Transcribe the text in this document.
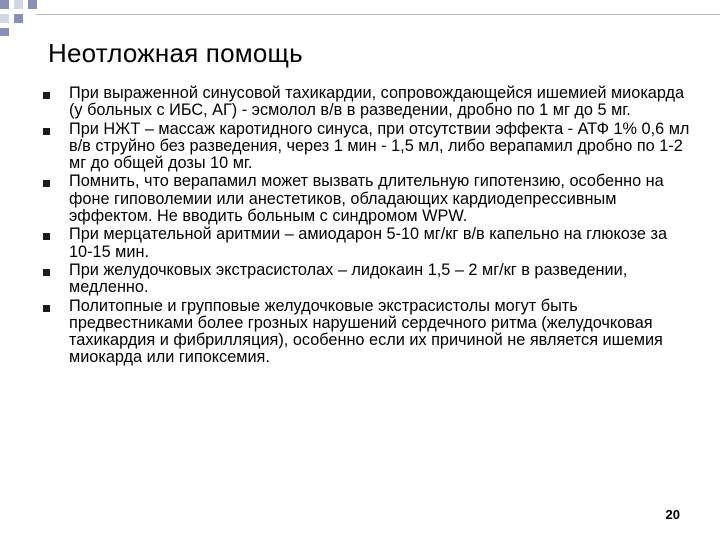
Неотложная помощь
При выраженной синусовой тахикардии, сопровождающейся ишемией миокарда (у больных с ИБС, АГ) - эсмолол в/в в разведении, дробно по 1 мг до 5 мг.
При НЖТ – массаж каротидного синуса, при отсутствии эффекта - АТФ 1% 0,6 мл в/в струйно без разведения, через 1 мин - 1,5 мл, либо верапамил дробно по 1-2 мг до общей дозы 10 мг.
Помнить, что верапамил может вызвать длительную гипотензию, особенно на фоне гиповолемии или анестетиков, обладающих кардиодепрессивным эффектом. Не вводить больным с синдромом WPW.
При мерцательной аритмии – амиодарон 5-10 мг/кг в/в капельно на глюкозе за 10-15 мин.
При желудочковых экстрасистолах – лидокаин 1,5 – 2 мг/кг в разведении, медленно.
Политопные и групповые желудочковые экстрасистолы могут быть предвестниками более грозных нарушений сердечного ритма (желудочковая тахикардия и фибрилляция), особенно если их причиной не является ишемия миокарда или гипоксемия.
20
